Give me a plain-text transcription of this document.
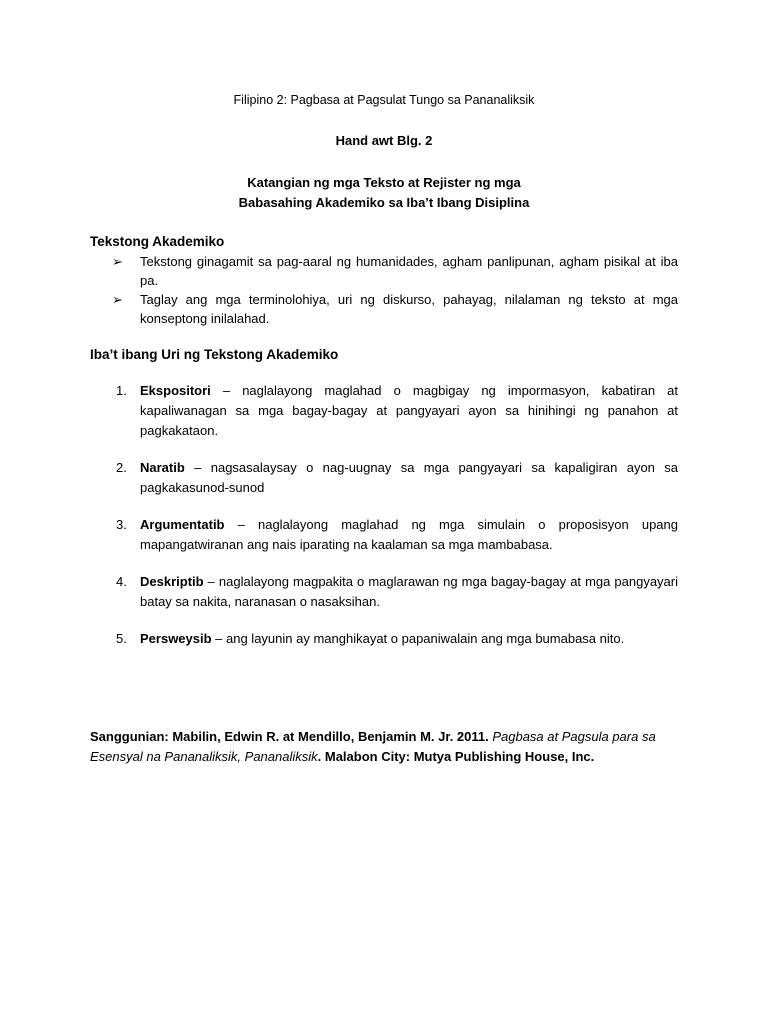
Filipino 2: Pagbasa at Pagsulat Tungo sa Pananaliksik
Hand awt Blg. 2
Katangian ng mga Teksto at Rejister ng mga
Babasahing Akademiko sa Iba’t Ibang Disiplina
Tekstong Akademiko
➢ Tekstong ginagamit sa pag-aaral ng humanidades, agham panlipunan, agham pisikal at iba pa.
➢ Taglay ang mga terminolohiya, uri ng diskurso, pahayag, nilalaman ng teksto at mga konseptong inilalahad.
Iba’t ibang Uri ng Tekstong Akademiko
1. Ekspositori – naglalayong maglahad o magbigay ng impormasyon, kabatiran at kapaliwanagan sa mga bagay-bagay at pangyayari ayon sa hinihingi ng panahon at pagkakataon.
2. Naratib – nagsasalaysay o nag-uugnay sa mga pangyayari sa kapaligiran ayon sa pagkakasunod-sunod
3. Argumentatib – naglalayong maglahad ng mga simulain o proposisyon upang mapangatwiranan ang nais iparating na kaalaman sa mga mambabasa.
4. Deskriptib – naglalayong magpakita o maglarawan ng mga bagay-bagay at mga pangyayari batay sa nakita, naranasan o nasaksihan.
5. Persweysib – ang layunin ay manghikayat o papaniwalain ang mga bumabasa nito.
Sanggunian: Mabilin, Edwin R. at Mendillo, Benjamin M. Jr. 2011. Pagbasa at Pagsula para sa Esensyal na Pananaliksik, Pananaliksik. Malabon City: Mutya Publishing House, Inc.
